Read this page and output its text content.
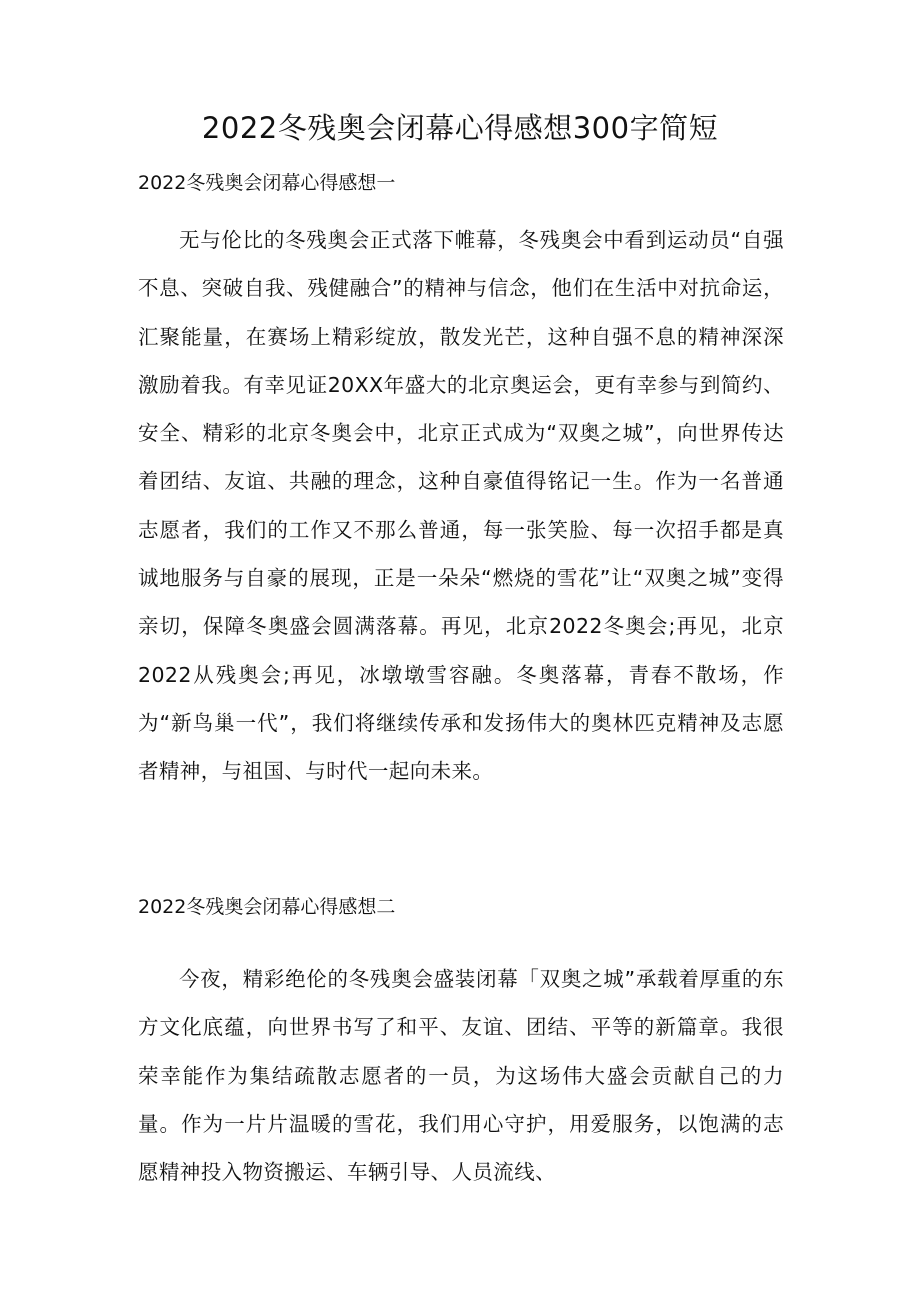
2022冬残奥会闭幕心得感想300字简短
2022冬残奥会闭幕心得感想一

无与伦比的冬残奥会正式落下帷幕，冬残奥会中看到运动员“自强不息、突破自我、残健融合”的精神与信念，他们在生活中对抗命运，汇聚能量，在赛场上精彩绽放，散发光芒，这种自强不息的精神深深激励着我。有幸见证20XX年盛大的北京奥运会，更有幸参与到简约、安全、精彩的北京冬奥会中，北京正式成为“双奥之城”，向世界传达着团结、友谊、共融的理念，这种自豪值得铭记一生。作为一名普通志愿者，我们的工作又不那么普通，每一张笑脸、每一次招手都是真诚地服务与自豪的展现，正是一朵朵“燃烧的雪花”让“双奥之城”变得亲切，保障冬奥盛会圆满落幕。再见，北京2022冬奥会;再见，北京2022从残奥会;再见，冰墩墩雪容融。冬奥落幕，青春不散场，作为“新鸟巢一代”，我们将继续传承和发扬伟大的奥林匹克精神及志愿者精神，与祖国、与时代一起向未来。

2022冬残奥会闭幕心得感想二

今夜，精彩绝伦的冬残奥会盛装闭幕「双奥之城”承载着厚重的东方文化底蕴，向世界书写了和平、友谊、团结、平等的新篇章。我很荣幸能作为集结疏散志愿者的一员，为这场伟大盛会贡献自己的力量。作为一片片温暖的雪花，我们用心守护，用爱服务，以饱满的志愿精神投入物资搬运、车辆引导、人员流线、
